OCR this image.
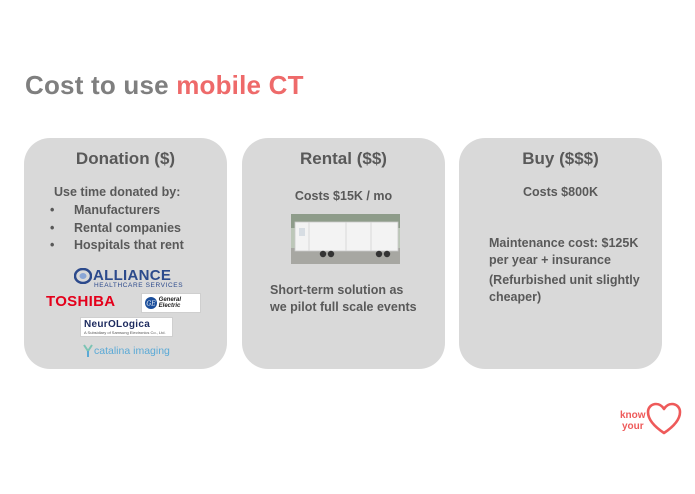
Cost to use mobile CT
Donation ($)
Use time donated by:
• Manufacturers
• Rental companies
• Hospitals that rent
ALLIANCE
HEALTHCARE SERVICES
TOSHIBA	GE
General Electric
NeurOLogica
A Subsidiary of Samsung Electronics Co., Ltd.
catalina imaging
Rental ($$)
Costs $15K / mo
Short-term solution as
we pilot full scale events
Buy ($$$)
Costs $800K
Maintenance cost: $125K
per year + insurance
(Refurbished unit slightly
cheaper)
know
your
